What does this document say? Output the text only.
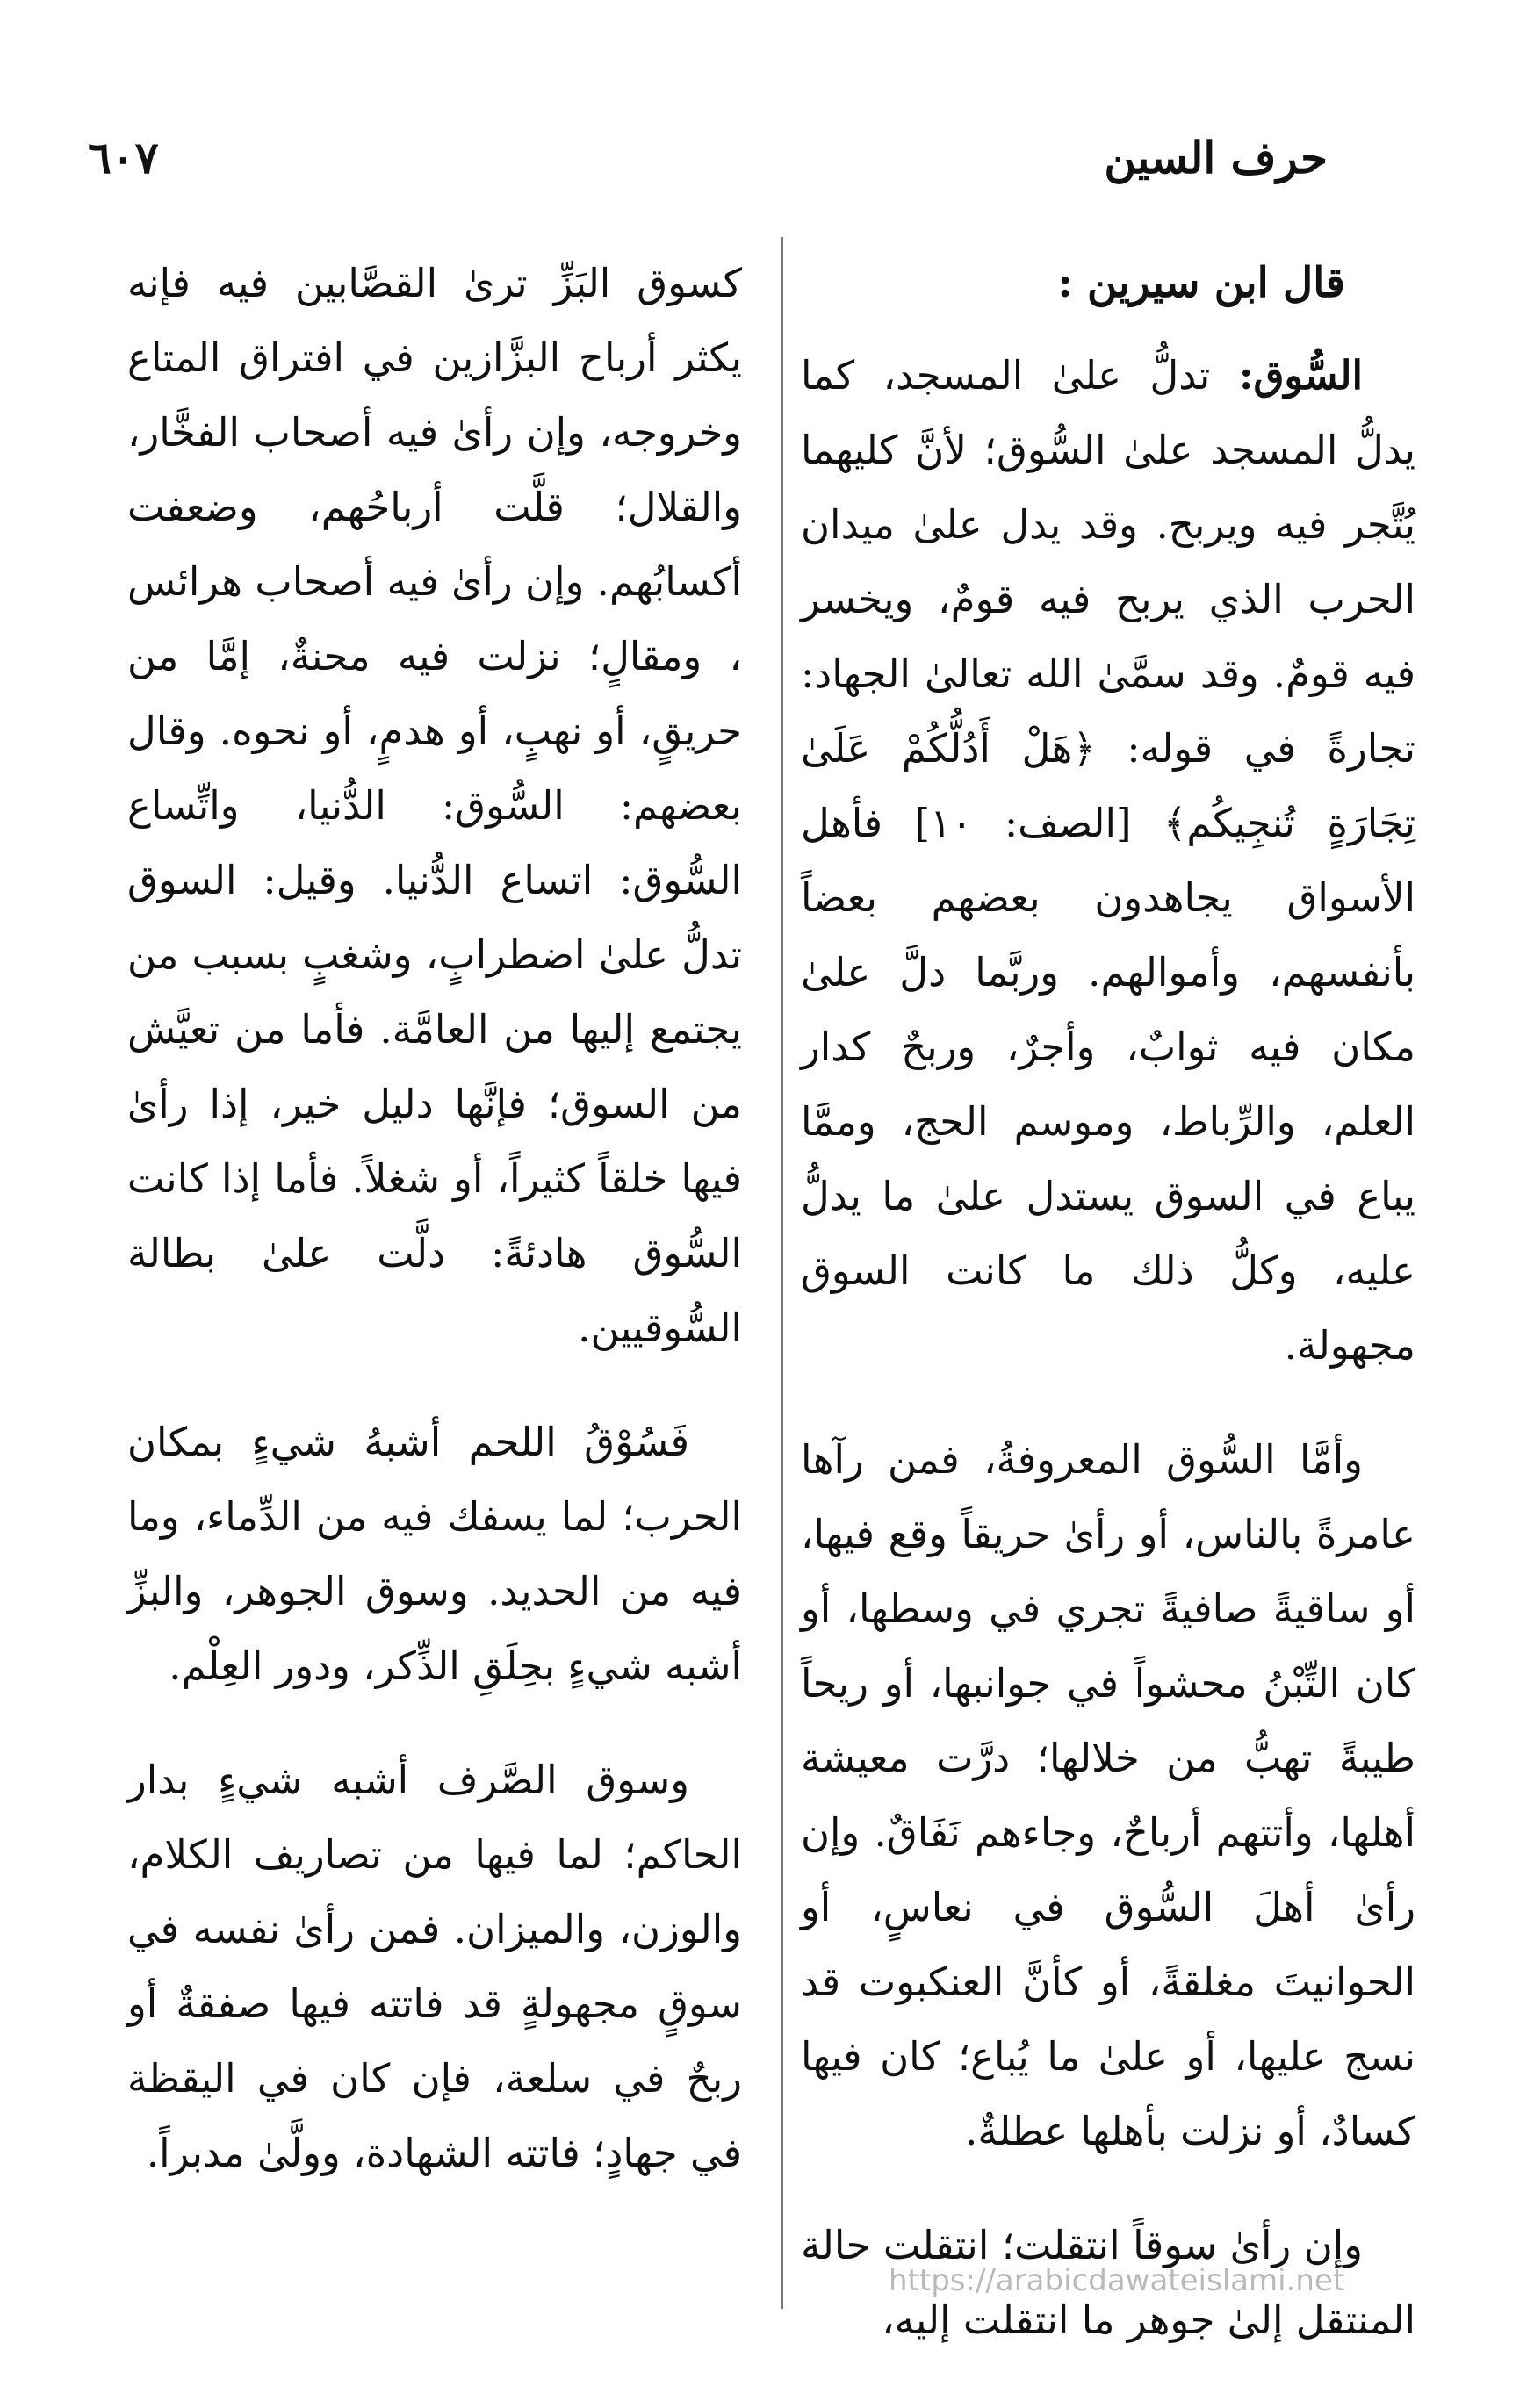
حرف السين
٦٠٧
قال ابن سيرين :

السُّوق: تدلُّ علىٰ المسجد، كما يدلُّ المسجد علىٰ السُّوق؛ لأنَّ كليهما يُتَّجر فيه ويربح. وقد يدل علىٰ ميدان الحرب الذي يربح فيه قومٌ، ويخسر فيه قومٌ. وقد سمَّىٰ الله تعالىٰ الجهاد: تجارةً في قوله: ﴿هَلْ أَدُلُّكُمْ عَلَىٰ تِجَارَةٍ تُنجِيكُم﴾ [الصف: ١٠] فأهل الأسواق يجاهدون بعضهم بعضاً بأنفسهم، وأموالهم. وربَّما دلَّ علىٰ مكان فيه ثوابٌ، وأجرٌ، وربحٌ كدار العلم، والرِّباط، وموسم الحج، وممَّا يباع في السوق يستدل علىٰ ما يدلُّ عليه، وكلُّ ذلك ما كانت السوق مجهولة.

وأمَّا السُّوق المعروفةُ، فمن رآها عامرةً بالناس، أو رأىٰ حريقاً وقع فيها، أو ساقيةً صافيةً تجري في وسطها، أو كان التِّبْنُ محشواً في جوانبها، أو ريحاً طيبةً تهبُّ من خلالها؛ درَّت معيشة أهلها، وأتتهم أرباحٌ، وجاءهم نَفَاقٌ. وإن رأىٰ أهلَ السُّوق في نعاسٍ، أو الحوانيتَ مغلقةً، أو كأنَّ العنكبوت قد نسج عليها، أو علىٰ ما يُباع؛ كان فيها كسادٌ، أو نزلت بأهلها عطلةٌ.

وإن رأىٰ سوقاً انتقلت؛ انتقلت حالة المنتقل إلىٰ جوهر ما انتقلت إليه،

كسوق البَزِّ ترىٰ القصَّابين فيه فإنه يكثر أرباح البزَّازين في افتراق المتاع وخروجه، وإن رأىٰ فيه أصحاب الفخَّار، والقلال؛ قلَّت أرباحُهم، وضعفت أكسابُهم. وإن رأىٰ فيه أصحاب هرائس ، ومقالٍ؛ نزلت فيه محنةٌ، إمَّا من حريقٍ، أو نهبٍ، أو هدمٍ، أو نحوه. وقال بعضهم: السُّوق: الدُّنيا، واتِّساع السُّوق: اتساع الدُّنيا. وقيل: السوق تدلُّ علىٰ اضطرابٍ، وشغبٍ بسبب من يجتمع إليها من العامَّة. فأما من تعيَّش من السوق؛ فإنَّها دليل خير، إذا رأىٰ فيها خلقاً كثيراً، أو شغلاً. فأما إذا كانت السُّوق هادئةً: دلَّت علىٰ بطالة السُّوقيين.

فَسُوْقُ اللحم أشبهُ شيءٍ بمكان الحرب؛ لما يسفك فيه من الدِّماء، وما فيه من الحديد. وسوق الجوهر، والبزِّ أشبه شيءٍ بحِلَقِ الذِّكر، ودور العِلْم.

وسوق الصَّرف أشبه شيءٍ بدار الحاكم؛ لما فيها من تصاريف الكلام، والوزن، والميزان. فمن رأىٰ نفسه في سوقٍ مجهولةٍ قد فاتته فيها صفقةٌ أو ربحٌ في سلعة، فإن كان في اليقظة في جهادٍ؛ فاتته الشهادة، وولَّىٰ مدبراً.

https://arabicdawateislami.net
